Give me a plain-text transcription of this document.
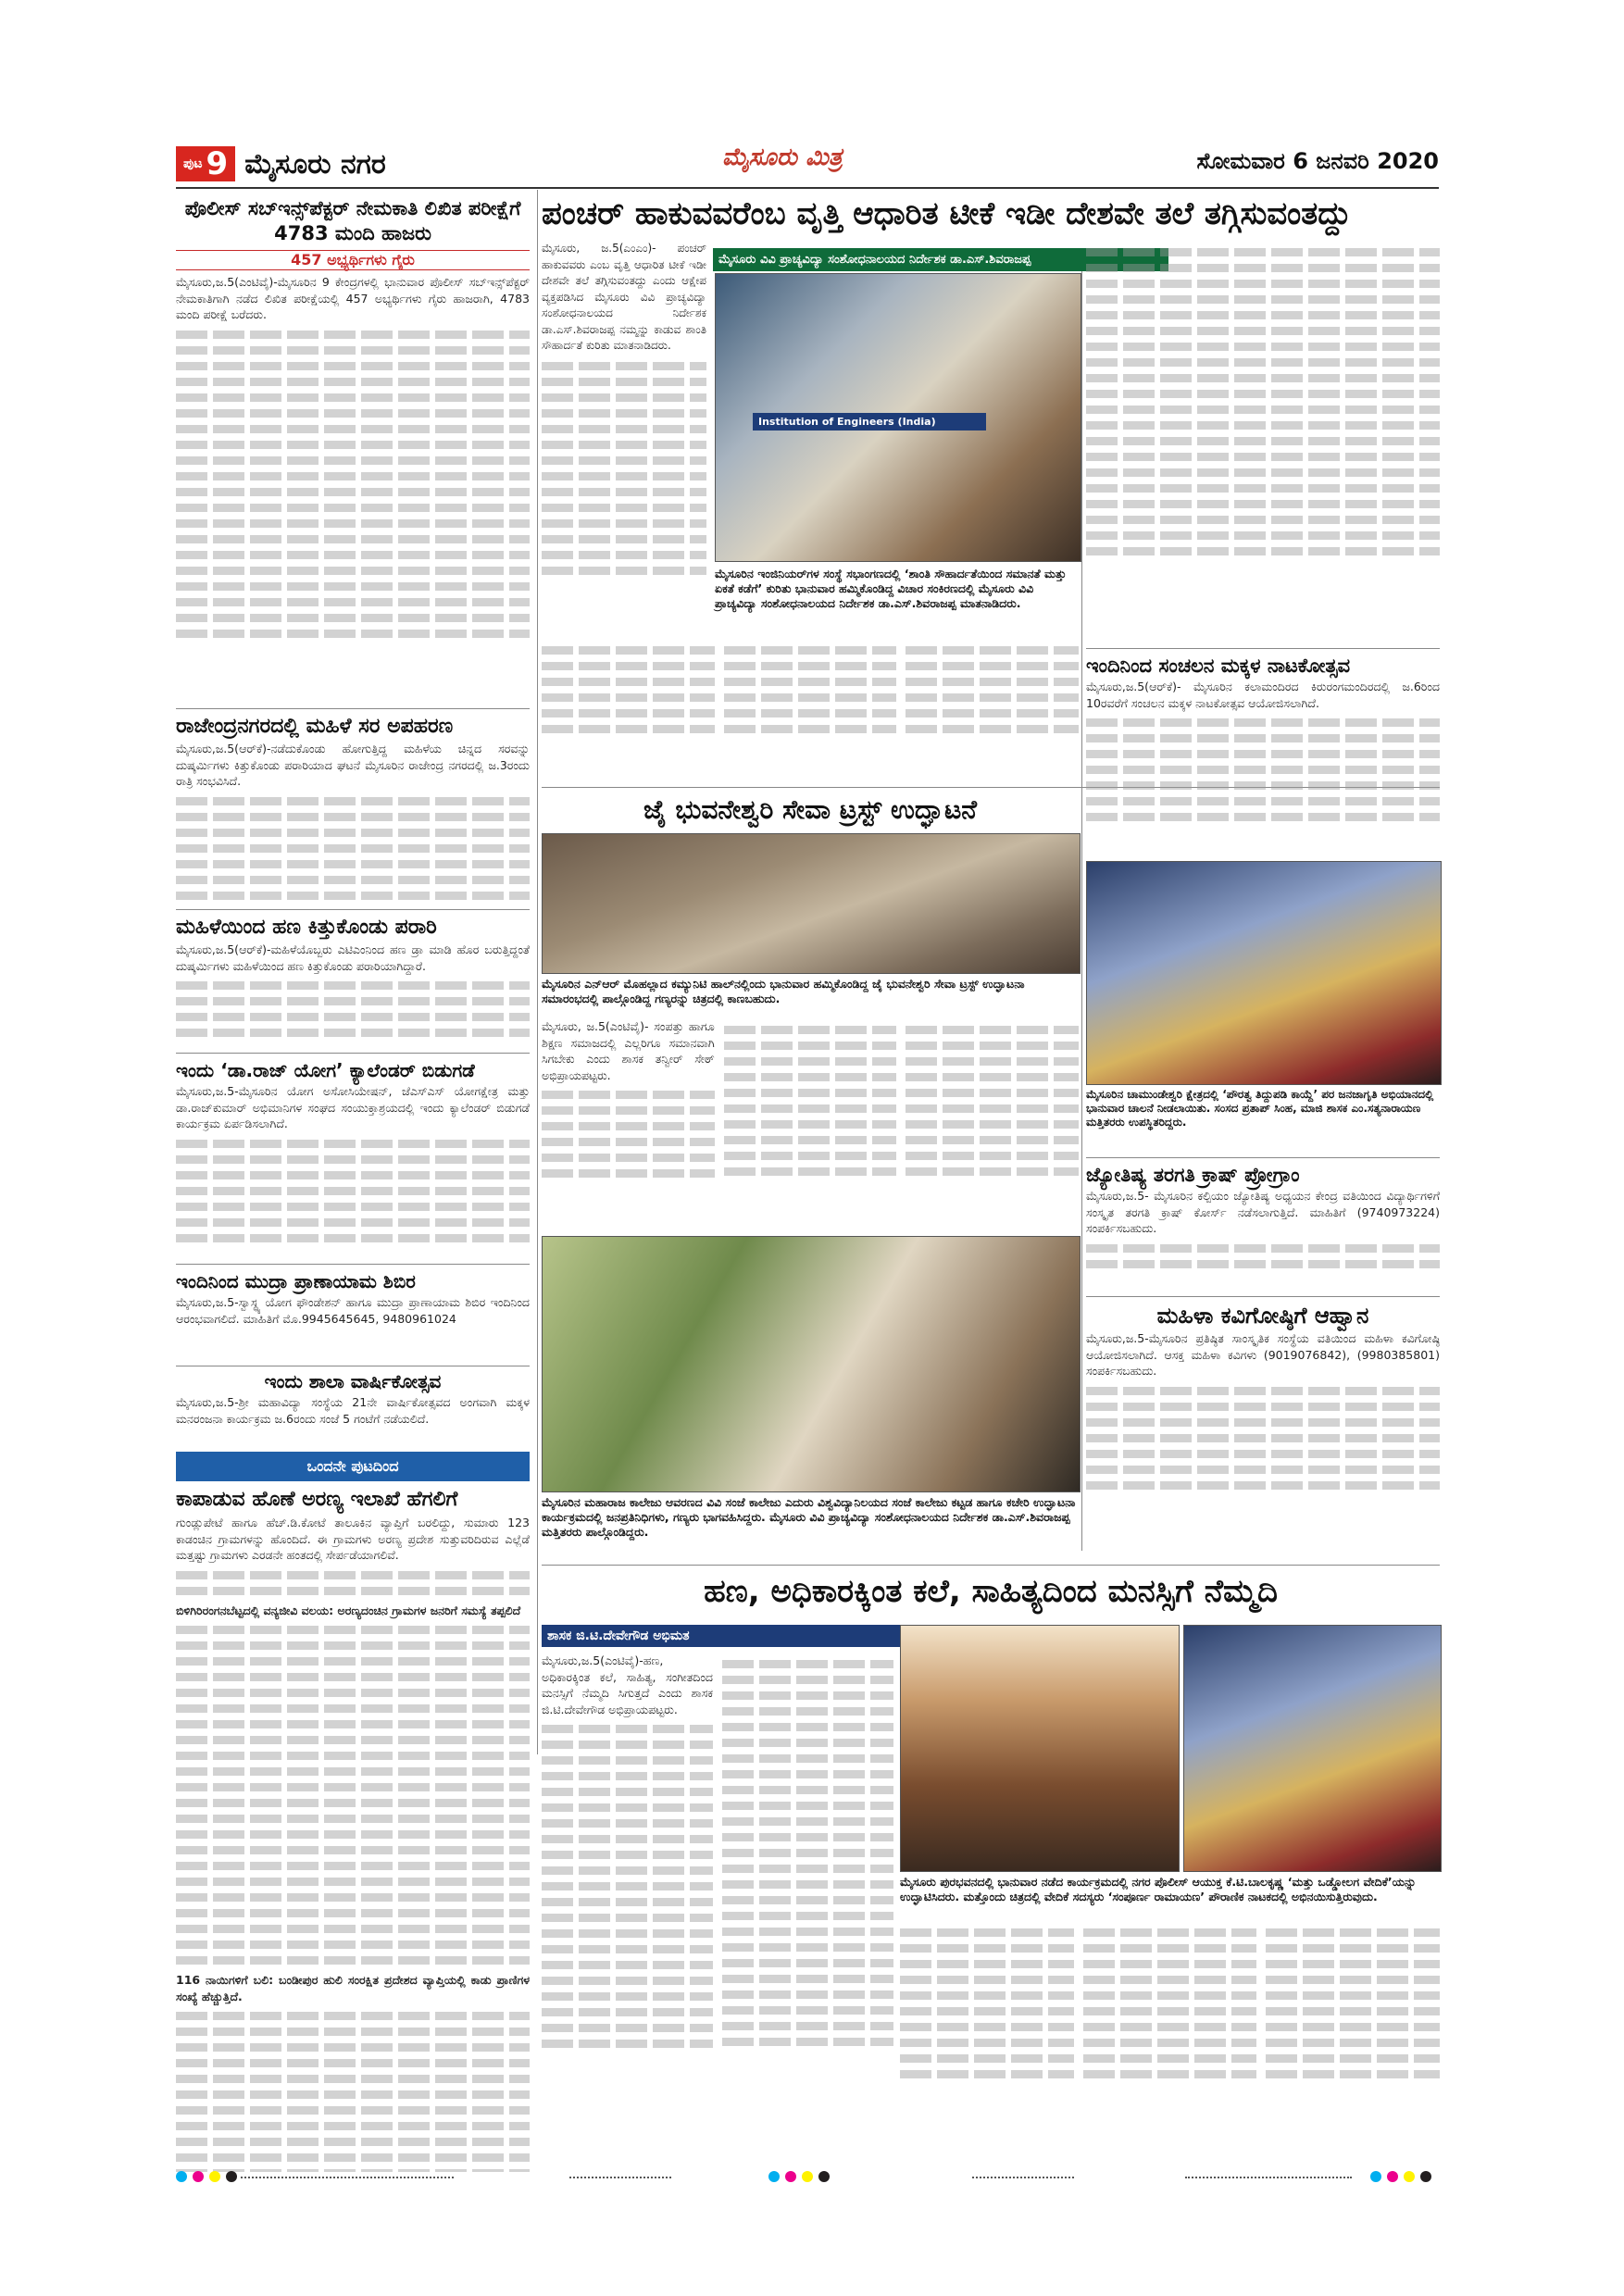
ಪುಟ 9 ಮೈಸೂರು ನಗರ	ಮೈಸೂರು ಮಿತ್ರ	ಸೋಮವಾರ 6 ಜನವರಿ 2020
ಪೊಲೀಸ್ ಸಬ್‌ಇನ್ಸ್‌ಪೆಕ್ಟರ್ ನೇಮಕಾತಿ ಲಿಖಿತ ಪರೀಕ್ಷೆಗೆ 4783 ಮಂದಿ ಹಾಜರು
457 ಅಭ್ಯರ್ಥಿಗಳು ಗೈರು
ಮೈಸೂರು,ಜ.5(ಎಂಟಿವೈ)-ಮೈಸೂರಿನ 9 ಕೇಂದ್ರಗಳಲ್ಲಿ ಭಾನುವಾರ ಪೊಲೀಸ್ ಸಬ್‌ಇನ್ಸ್‌ಪೆಕ್ಟರ್ ನೇಮಕಾತಿಗಾಗಿ ನಡೆದ ಲಿಖಿತ ಪರೀಕ್ಷೆಯಲ್ಲಿ 457 ಅಭ್ಯರ್ಥಿಗಳು ಗೈರು ಹಾಜರಾಗಿ, 4783 ಮಂದಿ ಪರೀಕ್ಷೆ ಬರೆದರು.
ರಾಜೇಂದ್ರನಗರದಲ್ಲಿ ಮಹಿಳೆ ಸರ ಅಪಹರಣ
ಮೈಸೂರು,ಜ.5(ಆರ್‌ಕೆ)-ನಡೆದುಕೊಂಡು ಹೋಗುತ್ತಿದ್ದ ಮಹಿಳೆಯ ಚಿನ್ನದ ಸರವನ್ನು ದುಷ್ಕರ್ಮಿಗಳು ಕಿತ್ತುಕೊಂಡು ಪರಾರಿಯಾದ ಘಟನೆ ಮೈಸೂರಿನ ರಾಜೇಂದ್ರ ನಗರದಲ್ಲಿ ಜ.3ರಂದು ರಾತ್ರಿ ಸಂಭವಿಸಿದೆ.
ಮಹಿಳೆಯಿಂದ ಹಣ ಕಿತ್ತುಕೊಂಡು ಪರಾರಿ
ಮೈಸೂರು,ಜ.5(ಆರ್‌ಕೆ)-ಮಹಿಳೆಯೊಬ್ಬರು ಎಟಿಎಂನಿಂದ ಹಣ ಡ್ರಾ ಮಾಡಿ ಹೊರ ಬರುತ್ತಿದ್ದಂತೆ ದುಷ್ಕರ್ಮಿಗಳು ಮಹಿಳೆಯಿಂದ ಹಣ ಕಿತ್ತುಕೊಂಡು ಪರಾರಿಯಾಗಿದ್ದಾರೆ.
ಇಂದು ‘ಡಾ.ರಾಜ್ ಯೋಗ’ ಕ್ಯಾಲೆಂಡರ್ ಬಿಡುಗಡೆ
ಮೈಸೂರು,ಜ.5-ಮೈಸೂರಿನ ಯೋಗ ಅಸೋಸಿಯೇಷನ್, ಜೆಎಸ್‌ಎಸ್ ಯೋಗಕ್ಷೇತ್ರ ಮತ್ತು ಡಾ.ರಾಜ್‌ಕುಮಾರ್ ಅಭಿಮಾನಿಗಳ ಸಂಘದ ಸಂಯುಕ್ತಾಶ್ರಯದಲ್ಲಿ ಇಂದು ಕ್ಯಾಲೆಂಡರ್ ಬಿಡುಗಡೆ ಕಾರ್ಯಕ್ರಮ ಏರ್ಪಡಿಸಲಾಗಿದೆ.
ಇಂದಿನಿಂದ ಮುದ್ರಾ ಪ್ರಾಣಾಯಾಮ ಶಿಬಿರ
ಮೈಸೂರು,ಜ.5-ಸ್ವಾಸ್ಥ್ಯ ಯೋಗ ಫೌಂಡೇಶನ್ ಹಾಗೂ ಮುದ್ರಾ ಪ್ರಾಣಾಯಾಮ ಶಿಬಿರ ಇಂದಿನಿಂದ ಆರಂಭವಾಗಲಿದೆ. ಮಾಹಿತಿಗೆ ಮೊ.9945645645, 9480961024
ಇಂದು ಶಾಲಾ ವಾರ್ಷಿಕೋತ್ಸವ
ಮೈಸೂರು,ಜ.5-ಶ್ರೀ ಮಹಾವಿದ್ಯಾ ಸಂಸ್ಥೆಯ 21ನೇ ವಾರ್ಷಿಕೋತ್ಸವದ ಅಂಗವಾಗಿ ಮಕ್ಕಳ ಮನರಂಜನಾ ಕಾರ್ಯಕ್ರಮ ಜ.6ರಂದು ಸಂಜೆ 5 ಗಂಟೆಗೆ ನಡೆಯಲಿದೆ.
ಒಂದನೇ ಪುಟದಿಂದ
ಕಾಪಾಡುವ ಹೊಣೆ ಅರಣ್ಯ ಇಲಾಖೆ ಹೆಗಲಿಗೆ
ಗುಂಡ್ಲುಪೇಟೆ ಹಾಗೂ ಹೆಚ್.ಡಿ.ಕೋಟೆ ತಾಲೂಕಿನ ವ್ಯಾಪ್ತಿಗೆ ಬರಲಿದ್ದು, ಸುಮಾರು 123 ಕಾಡಂಚಿನ ಗ್ರಾಮಗಳನ್ನು ಹೊಂದಿದೆ. ಈ ಗ್ರಾಮಗಳು ಅರಣ್ಯ ಪ್ರದೇಶ ಸುತ್ತುವರಿದಿರುವ ಎಲ್ಲೆಡೆ ಮತ್ತಷ್ಟು ಗ್ರಾಮಗಳು ಎರಡನೇ ಹಂತದಲ್ಲಿ ಸೇರ್ಪಡೆಯಾಗಲಿವೆ.
ಬಿಳಿಗಿರಿರಂಗನಬೆಟ್ಟದಲ್ಲಿ ವನ್ಯಜೀವಿ ವಲಯ: ಅರಣ್ಯದಂಚಿನ ಗ್ರಾಮಗಳ ಜನರಿಗೆ ಸಮಸ್ಯೆ ತಪ್ಪಲಿದೆ
116 ನಾಯಿಗಳಿಗೆ ಬಲಿ: ಬಂಡೀಪುರ ಹುಲಿ ಸಂರಕ್ಷಿತ ಪ್ರದೇಶದ ವ್ಯಾಪ್ತಿಯಲ್ಲಿ ಕಾಡು ಪ್ರಾಣಿಗಳ ಸಂಖ್ಯೆ ಹೆಚ್ಚುತ್ತಿದೆ.
ಪಂಚರ್ ಹಾಕುವವರೆಂಬ ವೃತ್ತಿ ಆಧಾರಿತ ಟೀಕೆ ಇಡೀ ದೇಶವೇ ತಲೆ ತಗ್ಗಿಸುವಂತದ್ದು
ಮೈಸೂರು ವಿವಿ ಪ್ರಾಚ್ಯವಿದ್ಯಾ ಸಂಶೋಧನಾಲಯದ ನಿರ್ದೇಶಕ ಡಾ.ಎಸ್.ಶಿವರಾಜಪ್ಪ
ಮೈಸೂರು, ಜ.5(ಎಂಎಂ)- ಪಂಚರ್ ಹಾಕುವವರು ಎಂಬ ವೃತ್ತಿ ಆಧಾರಿತ ಟೀಕೆ ಇಡೀ ದೇಶವೇ ತಲೆ ತಗ್ಗಿಸುವಂತದ್ದು ಎಂದು ಆಕ್ಷೇಪ ವ್ಯಕ್ತಪಡಿಸಿದ ಮೈಸೂರು ವಿವಿ ಪ್ರಾಚ್ಯವಿದ್ಯಾ ಸಂಶೋಧನಾಲಯದ ನಿರ್ದೇಶಕ ಡಾ.ಎಸ್.ಶಿವರಾಜಪ್ಪ ನಮ್ಮನ್ನು ಕಾಡುವ ಶಾಂತಿ ಸೌಹಾರ್ದತೆ ಕುರಿತು ಮಾತನಾಡಿದರು.
Institution of Engineers (India)
ಮೈಸೂರಿನ ಇಂಜಿನಿಯರ್‌ಗಳ ಸಂಸ್ಥೆ ಸಭಾಂಗಣದಲ್ಲಿ ‘ಶಾಂತಿ ಸೌಹಾರ್ದತೆಯಿಂದ ಸಮಾನತೆ ಮತ್ತು ಏಕತೆ ಕಡೆಗೆ’ ಕುರಿತು ಭಾನುವಾರ ಹಮ್ಮಿಕೊಂಡಿದ್ದ ವಿಚಾರ ಸಂಕಿರಣದಲ್ಲಿ ಮೈಸೂರು ವಿವಿ ಪ್ರಾಚ್ಯವಿದ್ಯಾ ಸಂಶೋಧನಾಲಯದ ನಿರ್ದೇಶಕ ಡಾ.ಎಸ್.ಶಿವರಾಜಪ್ಪ ಮಾತನಾಡಿದರು.
ಜೈ ಭುವನೇಶ್ವರಿ ಸೇವಾ ಟ್ರಸ್ಟ್ ಉದ್ಘಾಟನೆ
ಮೈಸೂರಿನ ಎನ್‌ಆರ್ ಮೊಹಲ್ಲಾದ ಕಮ್ಯುನಿಟಿ ಹಾಲ್‌ನಲ್ಲಿಂದು ಭಾನುವಾರ ಹಮ್ಮಿಕೊಂಡಿದ್ದ ಜೈ ಭುವನೇಶ್ವರಿ ಸೇವಾ ಟ್ರಸ್ಟ್ ಉದ್ಘಾಟನಾ ಸಮಾರಂಭದಲ್ಲಿ ಪಾಲ್ಗೊಂಡಿದ್ದ ಗಣ್ಯರನ್ನು ಚಿತ್ರದಲ್ಲಿ ಕಾಣಬಹುದು.
ಮೈಸೂರು, ಜ.5(ಎಂಟಿವೈ)- ಸಂಪತ್ತು ಹಾಗೂ ಶಿಕ್ಷಣ ಸಮಾಜದಲ್ಲಿ ಎಲ್ಲರಿಗೂ ಸಮಾನವಾಗಿ ಸಿಗಬೇಕು ಎಂದು ಶಾಸಕ ತನ್ವೀರ್ ಸೇಠ್ ಅಭಿಪ್ರಾಯಪಟ್ಟರು.
ಮೈಸೂರಿನ ಮಹಾರಾಜ ಕಾಲೇಜು ಆವರಣದ ವಿವಿ ಸಂಜೆ ಕಾಲೇಜು ಎದುರು ವಿಶ್ವವಿದ್ಯಾನಿಲಯದ ಸಂಜೆ ಕಾಲೇಜು ಕಟ್ಟಡ ಹಾಗೂ ಕಚೇರಿ ಉದ್ಘಾಟನಾ ಕಾರ್ಯಕ್ರಮದಲ್ಲಿ ಜನಪ್ರತಿನಿಧಿಗಳು, ಗಣ್ಯರು ಭಾಗವಹಿಸಿದ್ದರು. ಮೈಸೂರು ವಿವಿ ಪ್ರಾಚ್ಯವಿದ್ಯಾ ಸಂಶೋಧನಾಲಯದ ನಿರ್ದೇಶಕ ಡಾ.ಎಸ್.ಶಿವರಾಜಪ್ಪ ಮತ್ತಿತರರು ಪಾಲ್ಗೊಂಡಿದ್ದರು.
ಇಂದಿನಿಂದ ಸಂಚಲನ ಮಕ್ಕಳ ನಾಟಕೋತ್ಸವ
ಮೈಸೂರು,ಜ.5(ಆರ್‌ಕೆ)- ಮೈಸೂರಿನ ಕಲಾಮಂದಿರದ ಕಿರುರಂಗಮಂದಿರದಲ್ಲಿ ಜ.6ರಿಂದ 10ರವರೆಗೆ ಸಂಚಲನ ಮಕ್ಕಳ ನಾಟಕೋತ್ಸವ ಆಯೋಜಿಸಲಾಗಿದೆ.
ಮೈಸೂರಿನ ಚಾಮುಂಡೇಶ್ವರಿ ಕ್ಷೇತ್ರದಲ್ಲಿ ‘ಪೌರತ್ವ ತಿದ್ದುಪಡಿ ಕಾಯ್ದೆ’ ಪರ ಜನಜಾಗೃತಿ ಅಭಿಯಾನದಲ್ಲಿ ಭಾನುವಾರ ಚಾಲನೆ ನೀಡಲಾಯಿತು. ಸಂಸದ ಪ್ರತಾಪ್ ಸಿಂಹ, ಮಾಜಿ ಶಾಸಕ ಎಂ.ಸತ್ಯನಾರಾಯಣ ಮತ್ತಿತರರು ಉಪಸ್ಥಿತರಿದ್ದರು.
ಜ್ಯೋತಿಷ್ಯ ತರಗತಿ ಕ್ರಾಷ್ ಪ್ರೋಗ್ರಾಂ
ಮೈಸೂರು,ಜ.5- ಮೈಸೂರಿನ ಕಲ್ಪಿಯಂ ಜ್ಯೋತಿಷ್ಯ ಅಧ್ಯಯನ ಕೇಂದ್ರ ವತಿಯಿಂದ ವಿದ್ಯಾರ್ಥಿಗಳಿಗೆ ಸಂಸ್ಕೃತ ತರಗತಿ ಕ್ರಾಷ್ ಕೋರ್ಸ್ ನಡೆಸಲಾಗುತ್ತಿದೆ. ಮಾಹಿತಿಗೆ (9740973224) ಸಂಪರ್ಕಿಸಬಹುದು.
ಮಹಿಳಾ ಕವಿಗೋಷ್ಠಿಗೆ ಆಹ್ವಾನ
ಮೈಸೂರು,ಜ.5-ಮೈಸೂರಿನ ಪ್ರತಿಷ್ಠಿತ ಸಾಂಸ್ಕೃತಿಕ ಸಂಸ್ಥೆಯ ವತಿಯಿಂದ ಮಹಿಳಾ ಕವಿಗೋಷ್ಠಿ ಆಯೋಜಿಸಲಾಗಿದೆ. ಆಸಕ್ತ ಮಹಿಳಾ ಕವಿಗಳು (9019076842), (9980385801) ಸಂಪರ್ಕಿಸಬಹುದು.
ಹಣ, ಅಧಿಕಾರಕ್ಕಿಂತ ಕಲೆ, ಸಾಹಿತ್ಯದಿಂದ ಮನಸ್ಸಿಗೆ ನೆಮ್ಮದಿ
ಶಾಸಕ ಜಿ.ಟಿ.ದೇವೇಗೌಡ ಅಭಿಮತ
ಮೈಸೂರು,ಜ.5(ಎಂಟಿವೈ)-ಹಣ, ಅಧಿಕಾರಕ್ಕಿಂತ ಕಲೆ, ಸಾಹಿತ್ಯ, ಸಂಗೀತದಿಂದ ಮನಸ್ಸಿಗೆ ನೆಮ್ಮದಿ ಸಿಗುತ್ತದೆ ಎಂದು ಶಾಸಕ ಜಿ.ಟಿ.ದೇವೇಗೌಡ ಅಭಿಪ್ರಾಯಪಟ್ಟರು.
ಮೈಸೂರು ಪುರಭವನದಲ್ಲಿ ಭಾನುವಾರ ನಡೆದ ಕಾರ್ಯಕ್ರಮದಲ್ಲಿ ನಗರ ಪೊಲೀಸ್ ಆಯುಕ್ತ ಕೆ.ಟಿ.ಬಾಲಕೃಷ್ಣ ‘ಮತ್ತು ಒಡ್ಡೋಲಗ ವೇದಿಕೆ’ಯನ್ನು ಉದ್ಘಾಟಿಸಿದರು. ಮತ್ತೊಂದು ಚಿತ್ರದಲ್ಲಿ ವೇದಿಕೆ ಸದಸ್ಯರು ‘ಸಂಪೂರ್ಣ ರಾಮಾಯಣ’ ಪೌರಾಣಿಕ ನಾಟಕದಲ್ಲಿ ಅಭಿನಯಿಸುತ್ತಿರುವುದು.
